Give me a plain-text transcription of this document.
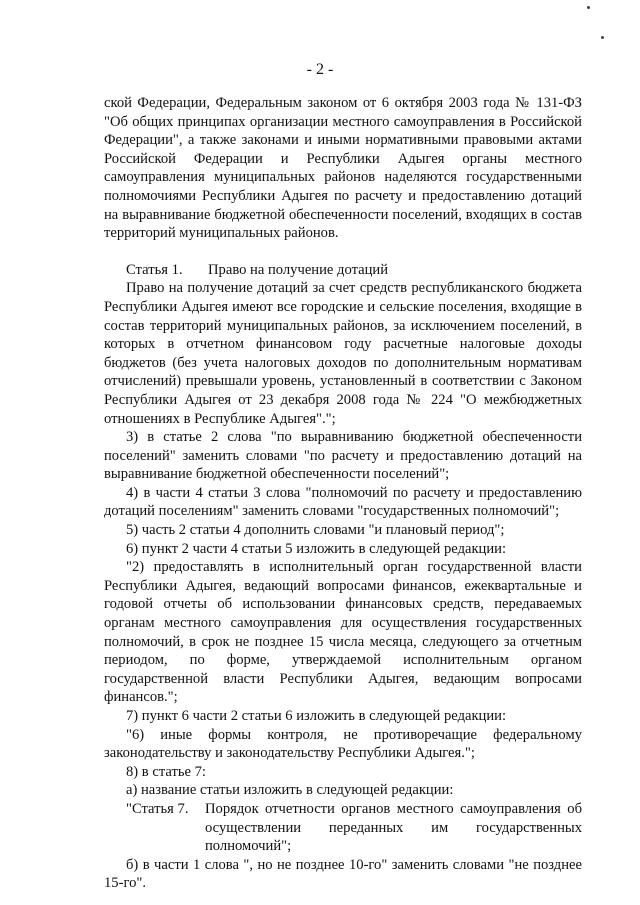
- 2 -

ской Федерации, Федеральным законом от 6 октября 2003 года № 131-ФЗ "Об общих принципах организации местного самоуправления в Российской Федерации", а также законами и иными нормативными правовыми актами Российской Федерации и Республики Адыгея органы местного самоуправления муниципальных районов наделяются государственными полномочиями Республики Адыгея по расчету и предоставлению дотаций на выравнивание бюджетной обеспеченности поселений, входящих в состав территорий муниципальных районов.

Статья 1.	Право на получение дотаций

Право на получение дотаций за счет средств республиканского бюджета Республики Адыгея имеют все городские и сельские поселения, входящие в состав территорий муниципальных районов, за исключением поселений, в которых в отчетном финансовом году расчетные налоговые доходы бюджетов (без учета налоговых доходов по дополнительным нормативам отчислений) превышали уровень, установленный в соответствии с Законом Республики Адыгея от 23 декабря 2008 года № 224 "О межбюджетных отношениях в Республике Адыгея".";

3) в статье 2 слова "по выравниванию бюджетной обеспеченности поселений" заменить словами "по расчету и предоставлению дотаций на выравнивание бюджетной обеспеченности поселений";

4) в части 4 статьи 3 слова "полномочий по расчету и предоставлению дотаций поселениям" заменить словами "государственных полномочий";

5) часть 2 статьи 4 дополнить словами "и плановый период";

6) пункт 2 части 4 статьи 5 изложить в следующей редакции:

"2) предоставлять в исполнительный орган государственной власти Республики Адыгея, ведающий вопросами финансов, ежеквартальные и годовой отчеты об использовании финансовых средств, передаваемых органам местного самоуправления для осуществления государственных полномочий, в срок не позднее 15 числа месяца, следующего за отчетным периодом, по форме, утверждаемой исполнительным органом государственной власти Республики Адыгея, ведающим вопросами финансов.";

7) пункт 6 части 2 статьи 6 изложить в следующей редакции:

"6) иные формы контроля, не противоречащие федеральному законодательству и законодательству Республики Адыгея.";

8) в статье 7:

а) название статьи изложить в следующей редакции:

"Статья 7.	Порядок отчетности органов местного самоуправления об осуществлении переданных им государственных полномочий";

б) в части 1 слова ", но не позднее 10-го" заменить словами "не позднее 15-го".
